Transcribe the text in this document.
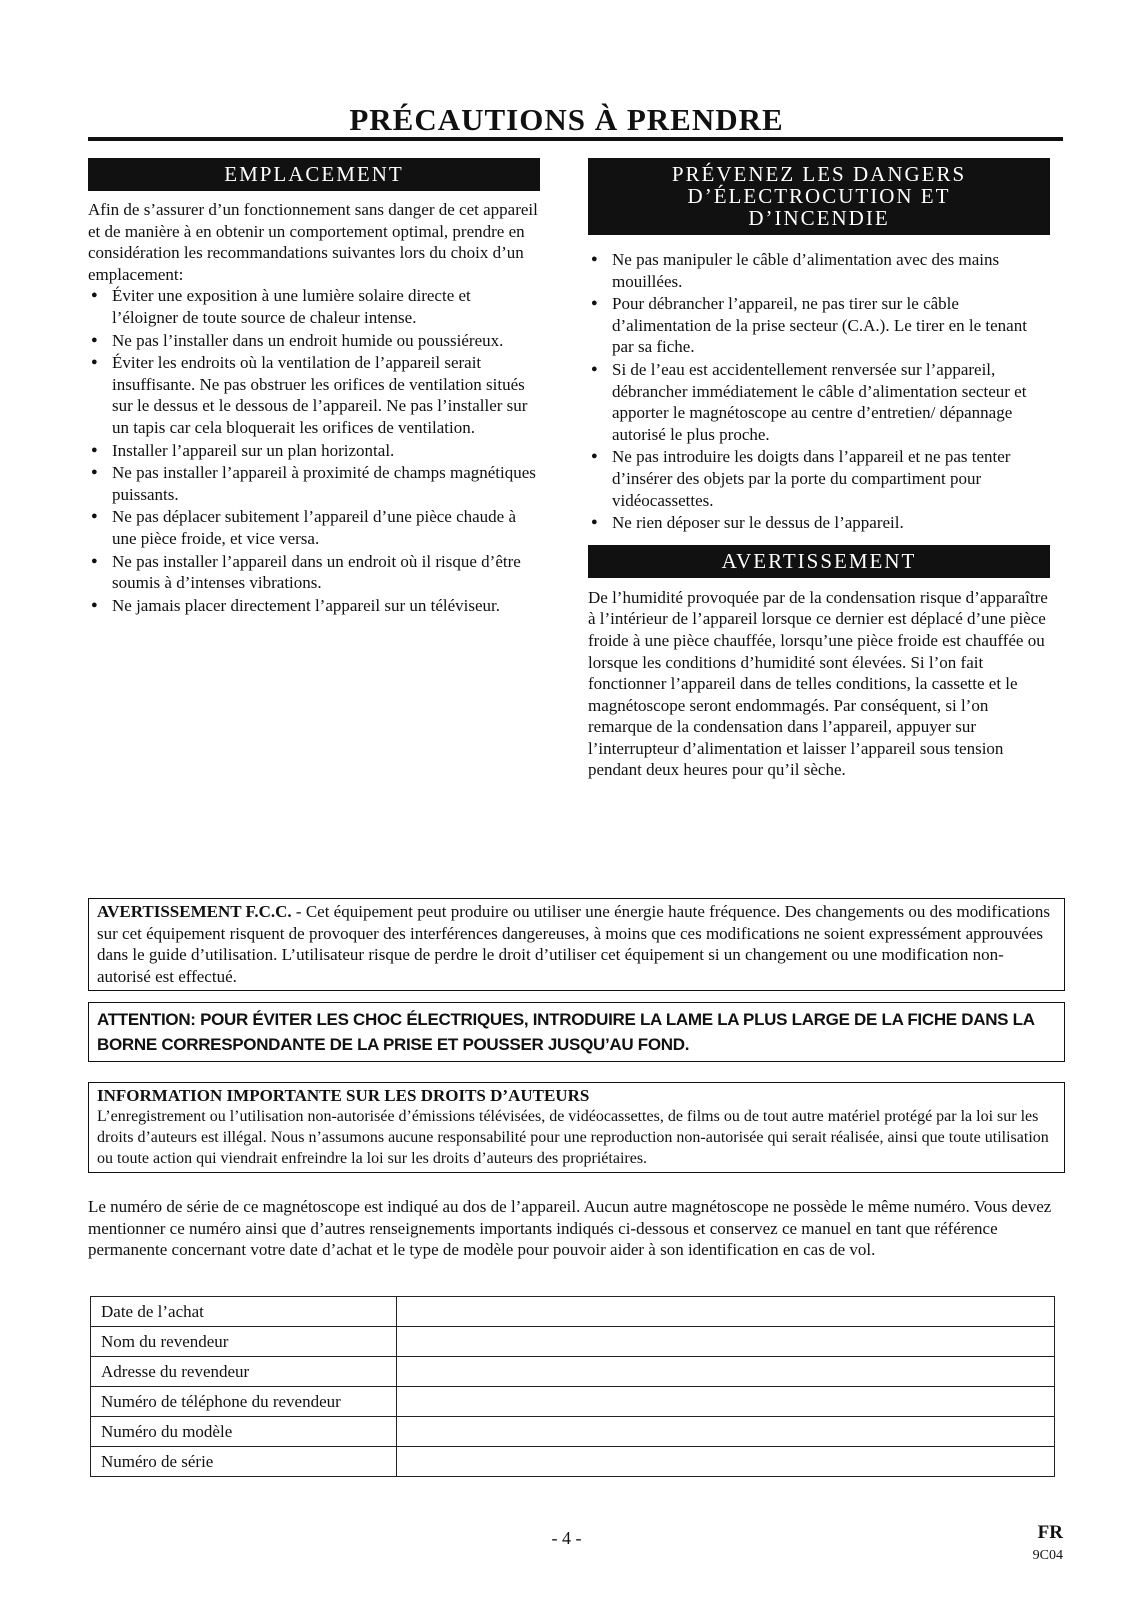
PRÉCAUTIONS À PRENDRE
EMPLACEMENT

Afin de s’assurer d’un fonctionnement sans danger de cet appareil et de manière à en obtenir un comportement optimal, prendre en considération les recommandations suivantes lors du choix d’un emplacement:

● Éviter une exposition à une lumière solaire directe et l’éloigner de toute source de chaleur intense.
● Ne pas l’installer dans un endroit humide ou poussiéreux.
● Éviter les endroits où la ventilation de l’appareil serait insuffisante. Ne pas obstruer les orifices de ventilation situés sur le dessus et le dessous de l’appareil. Ne pas l’installer sur un tapis car cela bloquerait les orifices de ventilation.
● Installer l’appareil sur un plan horizontal.
● Ne pas installer l’appareil à proximité de champs magnétiques puissants.
● Ne pas déplacer subitement l’appareil d’une pièce chaude à une pièce froide, et vice versa.
● Ne pas installer l’appareil dans un endroit où il risque d’être soumis à d’intenses vibrations.
● Ne jamais placer directement l’appareil sur un téléviseur.
PRÉVENEZ LES DANGERS
D’ÉLECTROCUTION ET
D’INCENDIE
● Ne pas manipuler le câble d’alimentation avec des mains mouillées.
● Pour débrancher l’appareil, ne pas tirer sur le câble d’alimentation de la prise secteur (C.A.). Le tirer en le tenant par sa fiche.
● Si de l’eau est accidentellement renversée sur l’appareil, débrancher immédiatement le câble d’alimentation secteur et apporter le magnétoscope au centre d’entretien/ dépannage autorisé le plus proche.
● Ne pas introduire les doigts dans l’appareil et ne pas tenter d’insérer des objets par la porte du compartiment pour vidéocassettes.
● Ne rien déposer sur le dessus de l’appareil.
AVERTISSEMENT

De l’humidité provoquée par de la condensation risque d’apparaître à l’intérieur de l’appareil lorsque ce dernier est déplacé d’une pièce froide à une pièce chauffée, lorsqu’une pièce froide est chauffée ou lorsque les conditions d’humidité sont élevées. Si l’on fait fonctionner l’appareil dans de telles conditions, la cassette et le magnétoscope seront endommagés. Par conséquent, si l’on remarque de la condensation dans l’appareil, appuyer sur l’interrupteur d’alimentation et laisser l’appareil sous tension pendant deux heures pour qu’il sèche.

AVERTISSEMENT F.C.C. - Cet équipement peut produire ou utiliser une énergie haute fréquence. Des changements ou des modifications sur cet équipement risquent de provoquer des interférences dangereuses, à moins que ces modifications ne soient expressément approuvées dans le guide d’utilisation. L’utilisateur risque de perdre le droit d’utiliser cet équipement si un changement ou une modification non-autorisé est effectué.
ATTENTION: POUR ÉVITER LES CHOC ÉLECTRIQUES, INTRODUIRE LA LAME LA PLUS LARGE DE LA FICHE DANS LA BORNE CORRESPONDANTE DE LA PRISE ET POUSSER JUSQU’AU FOND.
INFORMATION IMPORTANTE SUR LES DROITS D’AUTEURS
L’enregistrement ou l’utilisation non-autorisée d’émissions télévisées, de vidéocassettes, de films ou de tout autre matériel protégé par la loi sur les droits d’auteurs est illégal. Nous n’assumons aucune responsabilité pour une reproduction non-autorisée qui serait réalisée, ainsi que toute utilisation ou toute action qui viendrait enfreindre la loi sur les droits d’auteurs des propriétaires.

Le numéro de série de ce magnétoscope est indiqué au dos de l’appareil. Aucun autre magnétoscope ne possède le même numéro. Vous devez mentionner ce numéro ainsi que d’autres renseignements importants indiqués ci-dessous et conservez ce manuel en tant que référence permanente concernant votre date d’achat et le type de modèle pour pouvoir aider à son identification en cas de vol.

Date de l’achat	
Nom du revendeur	
Adresse du revendeur	
Numéro de téléphone du revendeur	
Numéro du modèle	
Numéro de série	
- 4 -	FR
9C04
